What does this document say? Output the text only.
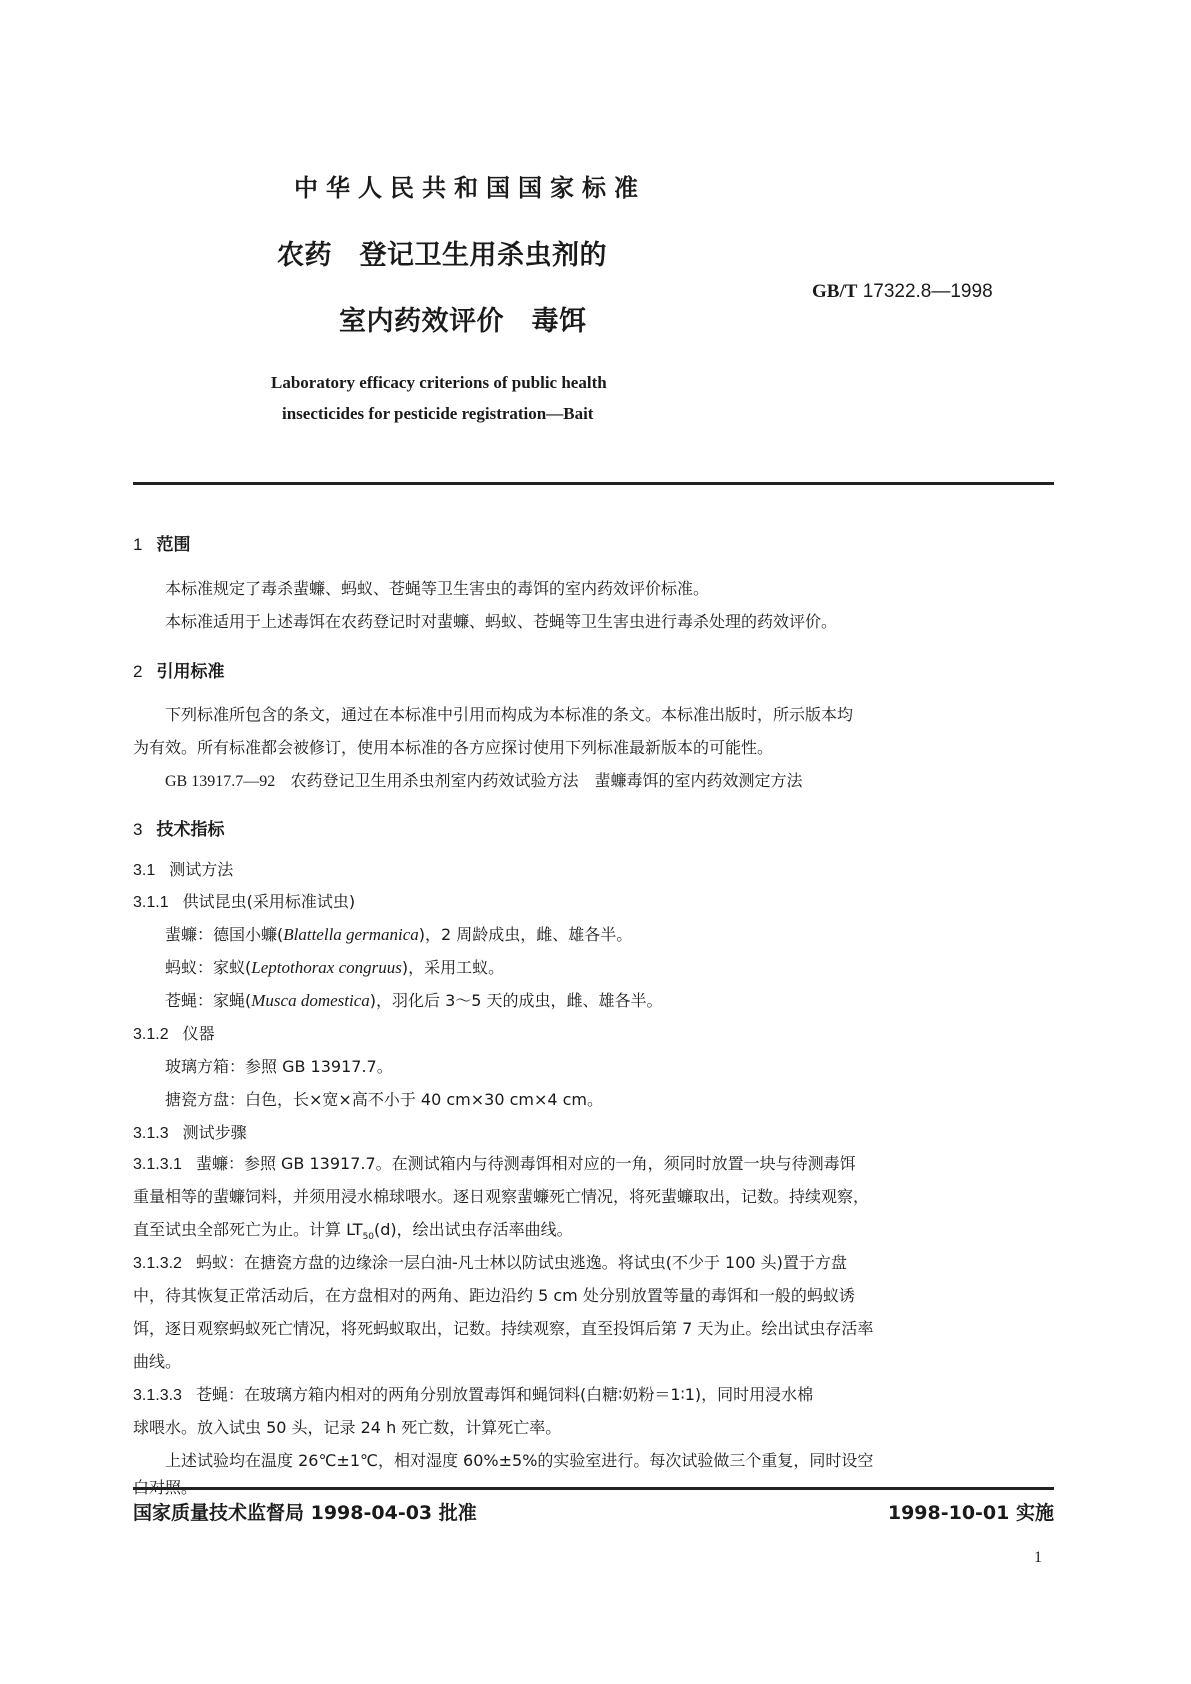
中华人民共和国国家标准
农药　登记卫生用杀虫剂的
室内药效评价　毒饵
GB/T 17322.8—1998
Laboratory efficacy criterions of public health
insecticides for pesticide registration—Bait
1 范围
本标准规定了毒杀蜚蠊、蚂蚁、苍蝇等卫生害虫的毒饵的室内药效评价标准。
本标准适用于上述毒饵在农药登记时对蜚蠊、蚂蚁、苍蝇等卫生害虫进行毒杀处理的药效评价。
2 引用标准
下列标准所包含的条文，通过在本标准中引用而构成为本标准的条文。本标准出版时，所示版本均
为有效。所有标准都会被修订，使用本标准的各方应探讨使用下列标准最新版本的可能性。
GB 13917.7—92 农药登记卫生用杀虫剂室内药效试验方法　蜚蠊毒饵的室内药效测定方法
3 技术指标
3.1 测试方法
3.1.1 供试昆虫(采用标准试虫)
蜚蠊：德国小蠊(Blattella germanica)，2 周龄成虫，雌、雄各半。
蚂蚁：家蚁(Leptothorax congruus)，采用工蚁。
苍蝇：家蝇(Musca domestica)，羽化后 3～5 天的成虫，雌、雄各半。
3.1.2 仪器
玻璃方箱：参照 GB 13917.7。
搪瓷方盘：白色，长×宽×高不小于 40 cm×30 cm×4 cm。
3.1.3 测试步骤
3.1.3.1 蜚蠊：参照 GB 13917.7。在测试箱内与待测毒饵相对应的一角，须同时放置一块与待测毒饵
重量相等的蜚蠊饲料，并须用浸水棉球喂水。逐日观察蜚蠊死亡情况，将死蜚蠊取出，记数。持续观察，
直至试虫全部死亡为止。计算 $LT_{50}(d)$，绘出试虫存活率曲线。
3.1.3.2 蚂蚁：在搪瓷方盘的边缘涂一层白油-凡士林以防试虫逃逸。将试虫(不少于 100 头)置于方盘
中，待其恢复正常活动后，在方盘相对的两角、距边沿约 5 cm 处分别放置等量的毒饵和一般的蚂蚁诱
饵，逐日观察蚂蚁死亡情况，将死蚂蚁取出，记数。持续观察，直至投饵后第 7 天为止。绘出试虫存活率
曲线。
3.1.3.3 苍蝇：在玻璃方箱内相对的两角分别放置毒饵和蝇饲料(白糖∶奶粉＝1∶1)，同时用浸水棉
球喂水。放入试虫 50 头，记录 24 h 死亡数，计算死亡率。
上述试验均在温度 26℃±1℃，相对湿度 60%±5%的实验室进行。每次试验做三个重复，同时设空
国家质量技术监督局 1998-04-03 批准	1998-10-01 实施
1
